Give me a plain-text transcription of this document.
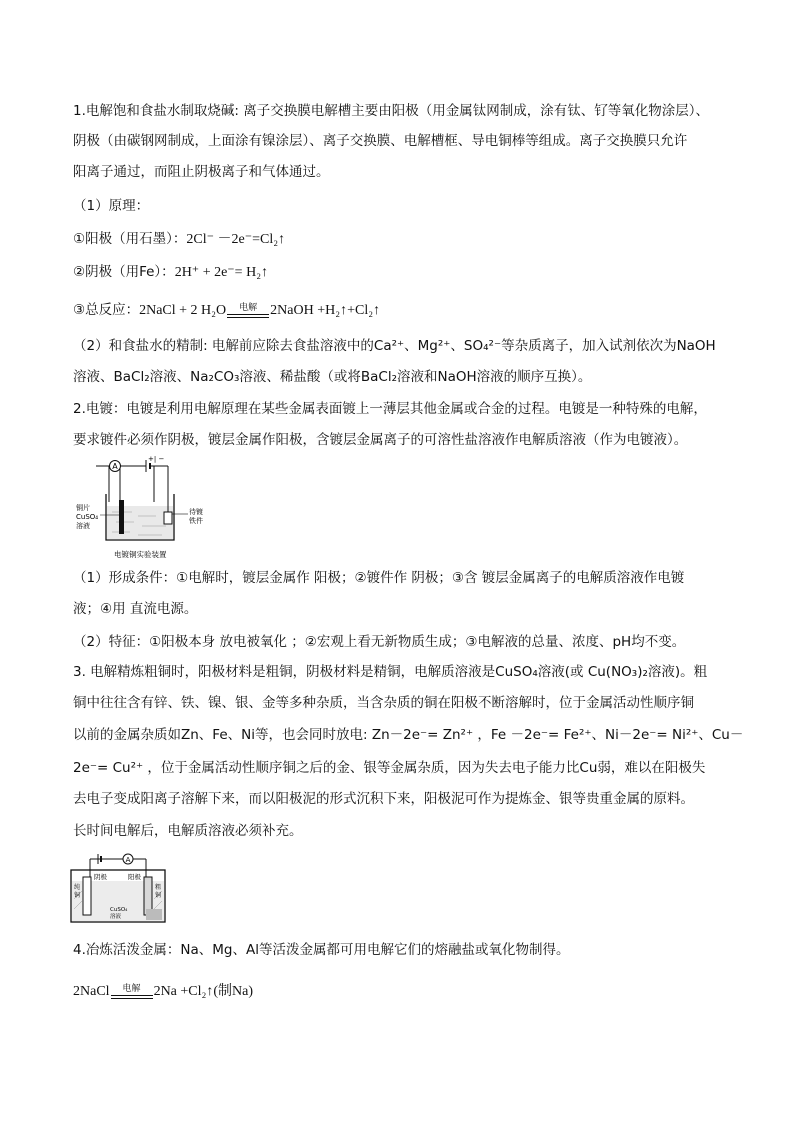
1.电解饱和食盐水制取烧碱: 离子交换膜电解槽主要由阳极（用金属钛网制成，涂有钛、钌等氧化物涂层）、
阴极（由碳钢网制成，上面涂有镍涂层）、离子交换膜、电解槽框、导电铜棒等组成。离子交换膜只允许
阳离子通过，而阻止阴极离子和气体通过。
（1）原理：
①阳极（用石墨）：2Cl⁻ －2e⁻=Cl₂↑
②阴极（用Fe）：2H⁺ + 2e⁻= H₂↑
③总反应：2NaCl + 2 H₂O	电解 2NaOH +H₂↑+Cl₂↑
（2）和食盐水的精制: 电解前应除去食盐溶液中的Ca²⁺、Mg²⁺、SO₄²⁻等杂质离子，加入试剂依次为NaOH
溶液、BaCl₂溶液、Na₂CO₃溶液、稀盐酸（或将BaCl₂溶液和NaOH溶液的顺序互换）。
2.电镀：电镀是利用电解原理在某些金属表面镀上一薄层其他金属或合金的过程。电镀是一种特殊的电解，
要求镀件必须作阴极，镀层金属作阳极，含镀层金属离子的可溶性盐溶液作电解质溶液（作为电镀液）。
A
+| −
铜片
CuSO₄
溶液
待镀
铁件
电镀铜实验装置
（1）形成条件：①电解时，镀层金属作 阳极；②镀件作 阴极；③含 镀层金属离子的电解质溶液作电镀
液；④用 直流电源。
（2）特征：①阳极本身 放电被氧化 ；②宏观上看无新物质生成；③电解液的总量、浓度、pH均不变。
3. 电解精炼粗铜时，阳极材料是粗铜，阴极材料是精铜，电解质溶液是CuSO₄溶液(或 Cu(NO₃)₂溶液)。粗
铜中往往含有锌、铁、镍、银、金等多种杂质，当含杂质的铜在阳极不断溶解时，位于金属活动性顺序铜
以前的金属杂质如Zn、Fe、Ni等，也会同时放电: Zn－2e⁻= Zn²⁺ ，Fe －2e⁻= Fe²⁺、Ni－2e⁻= Ni²⁺、Cu－
2e⁻= Cu²⁺ ，位于金属活动性顺序铜之后的金、银等金属杂质，因为失去电子能力比Cu弱，难以在阳极失
去电子变成阳离子溶解下来，而以阳极泥的形式沉积下来，阳极泥可作为提炼金、银等贵重金属的原料。
长时间电解后，电解质溶液必须补充。
A
阴极	阳极
纯
铜
粗
铜
CuSO₄
溶液
4.冶炼活泼金属：Na、Mg、Al等活泼金属都可用电解它们的熔融盐或氧化物制得。
2NaCl	电解 2Na +Cl₂↑(制Na)
